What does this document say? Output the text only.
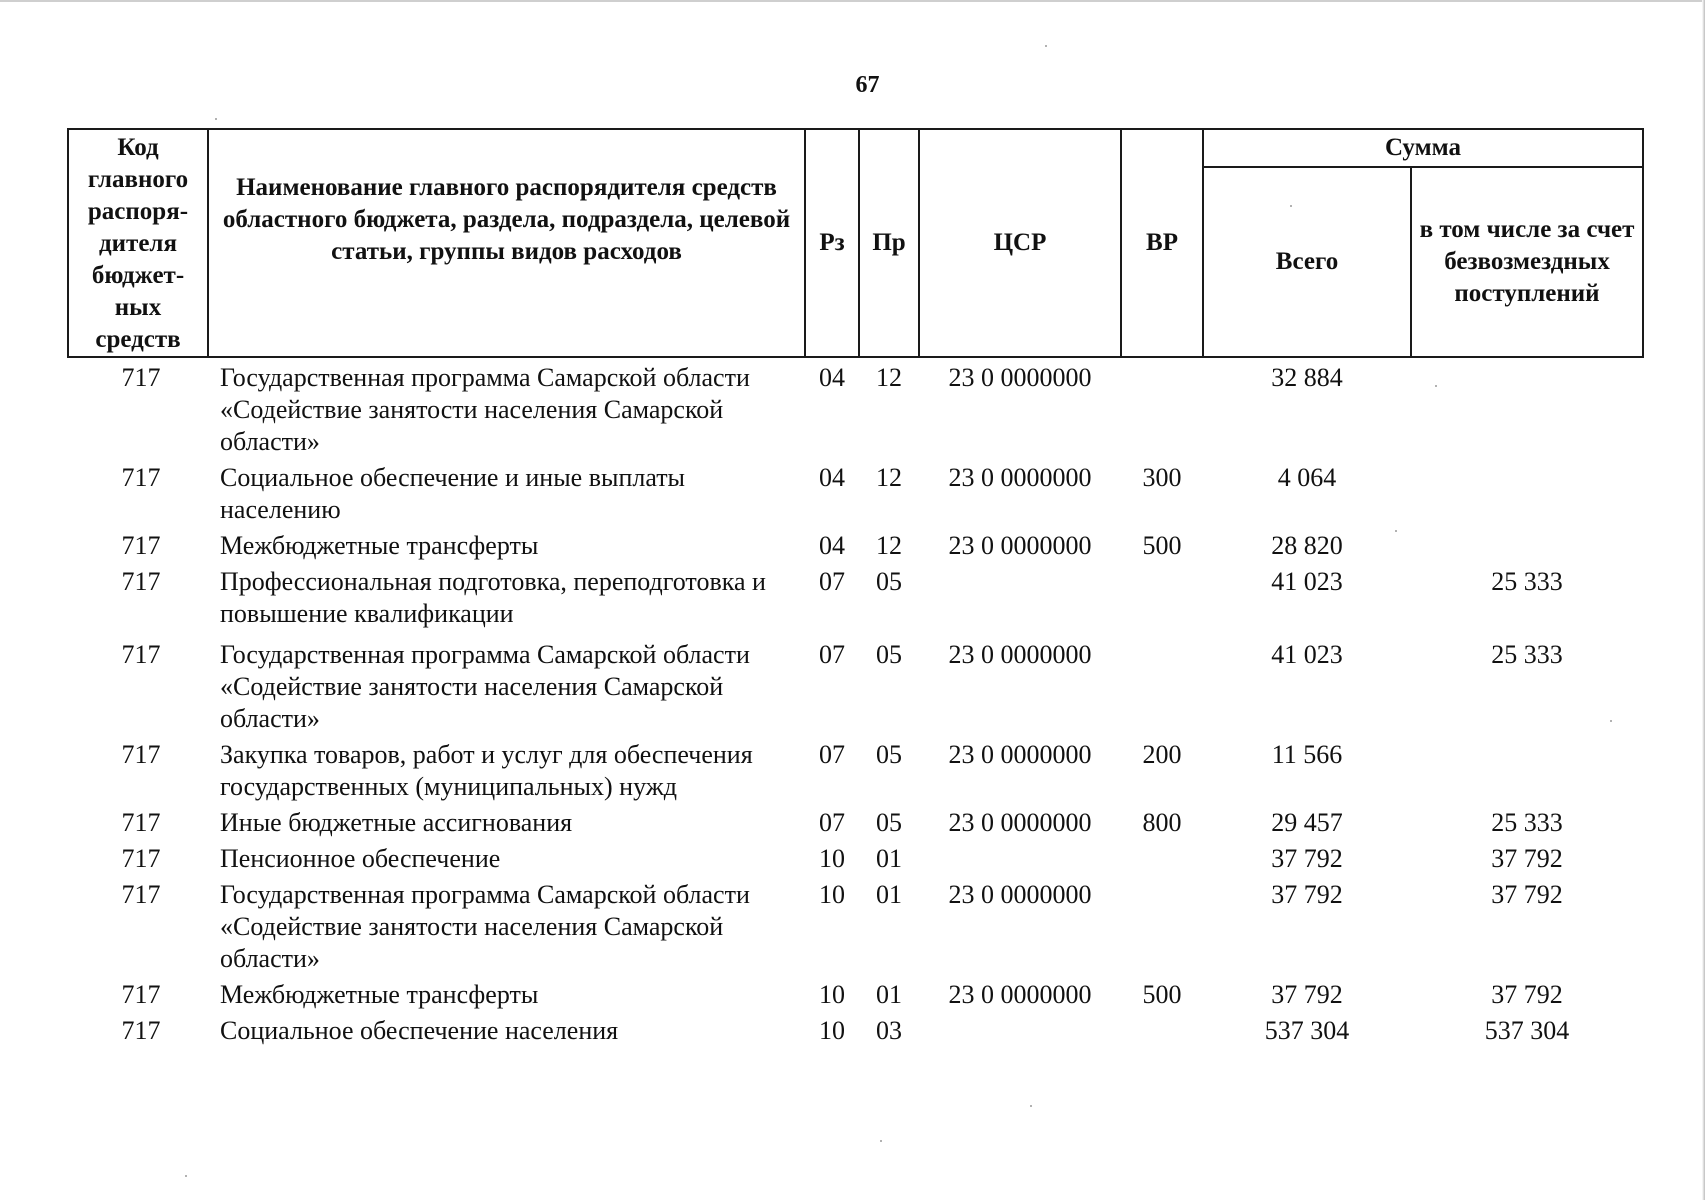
67
Код главного распоря-дителя бюджет-ных средств	Наименование главного распорядителя средств областного бюджета, раздела, подраздела, целевой статьи, группы видов расходов	Рз	Пр	ЦСР	ВР	Сумма	
						Всего	в том числе за счет безвозмездных поступлений
717	Государственная программа Самарской области «Содействие занятости населения Самарской области»	04	12	23 0 0000000		32 884	
717	Социальное обеспечение и иные выплаты населению	04	12	23 0 0000000	300	4 064	
717	Межбюджетные трансферты	04	12	23 0 0000000	500	28 820	
717	Профессиональная подготовка, переподготовка и повышение квалификации	07	05			41 023	25 333
717	Государственная программа Самарской области «Содействие занятости населения Самарской области»	07	05	23 0 0000000		41 023	25 333
717	Закупка товаров, работ и услуг для обеспечения государственных (муниципальных) нужд	07	05	23 0 0000000	200	11 566	
717	Иные бюджетные ассигнования	07	05	23 0 0000000	800	29 457	25 333
717	Пенсионное обеспечение	10	01			37 792	37 792
717	Государственная программа Самарской области «Содействие занятости населения Самарской области»	10	01	23 0 0000000		37 792	37 792
717	Межбюджетные трансферты	10	01	23 0 0000000	500	37 792	37 792
717	Социальное обеспечение населения	10	03			537 304	537 304
